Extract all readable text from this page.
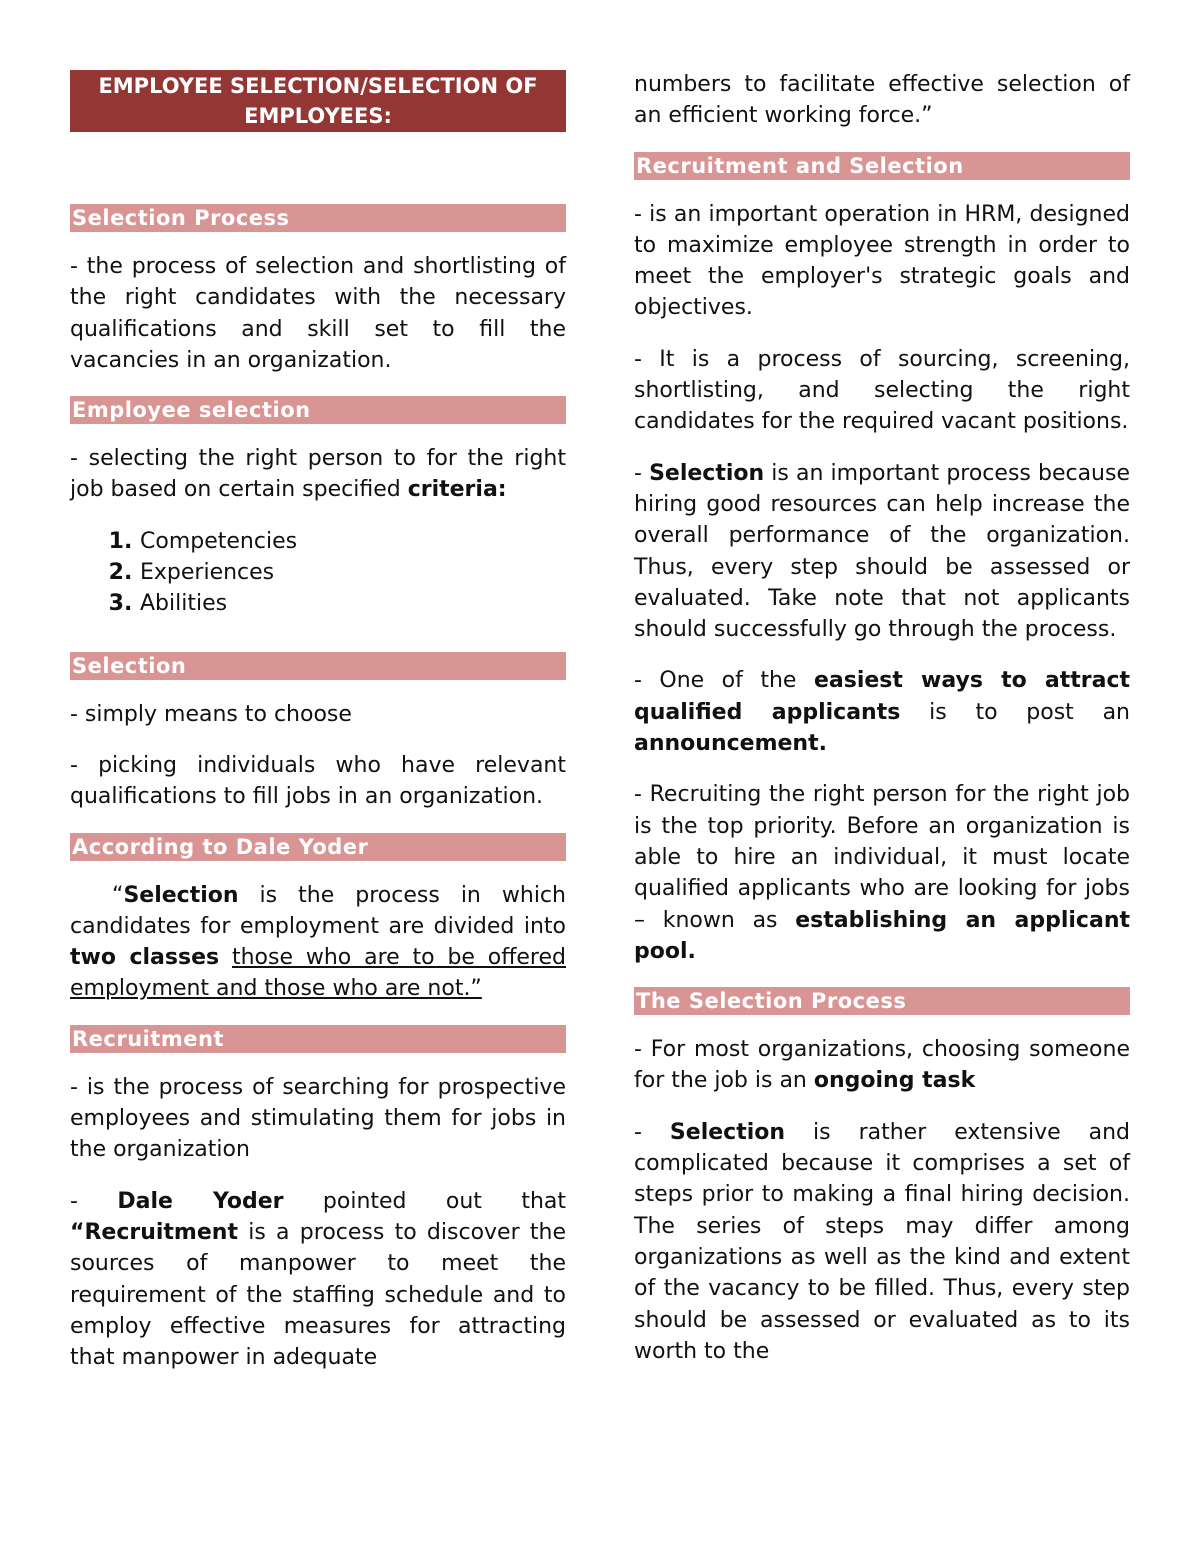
EMPLOYEE SELECTION/SELECTION OF EMPLOYEES:
Selection Process

- the process of selection and shortlisting of the right candidates with the necessary qualifications and skill set to fill the vacancies in an organization.

Employee selection

- selecting the right person to for the right job based on certain specified criteria:

1. Competencies
2. Experiences
3. Abilities
Selection

- simply means to choose

- picking individuals who have relevant qualifications to fill jobs in an organization.

According to Dale Yoder

“Selection is the process in which candidates for employment are divided into two classes those who are to be offered employment and those who are not.”

Recruitment

- is the process of searching for prospective employees and stimulating them for jobs in the organization

- Dale Yoder pointed out that “Recruitment is a process to discover the sources of manpower to meet the requirement of the staffing schedule and to employ effective measures for attracting that manpower in adequate

numbers to facilitate effective selection of an efficient working force.”

Recruitment and Selection

- is an important operation in HRM, designed to maximize employee strength in order to meet the employer's strategic goals and objectives.

- It is a process of sourcing, screening, shortlisting, and selecting the right candidates for the required vacant positions.

- Selection is an important process because hiring good resources can help increase the overall performance of the organization. Thus, every step should be assessed or evaluated. Take note that not applicants should successfully go through the process.

- One of the easiest ways to attract qualified applicants is to post an announcement.

- Recruiting the right person for the right job is the top priority. Before an organization is able to hire an individual, it must locate qualified applicants who are looking for jobs – known as establishing an applicant pool.

The Selection Process

- For most organizations, choosing someone for the job is an ongoing task

- Selection is rather extensive and complicated because it comprises a set of steps prior to making a final hiring decision. The series of steps may differ among organizations as well as the kind and extent of the vacancy to be filled. Thus, every step should be assessed or evaluated as to its worth to the
